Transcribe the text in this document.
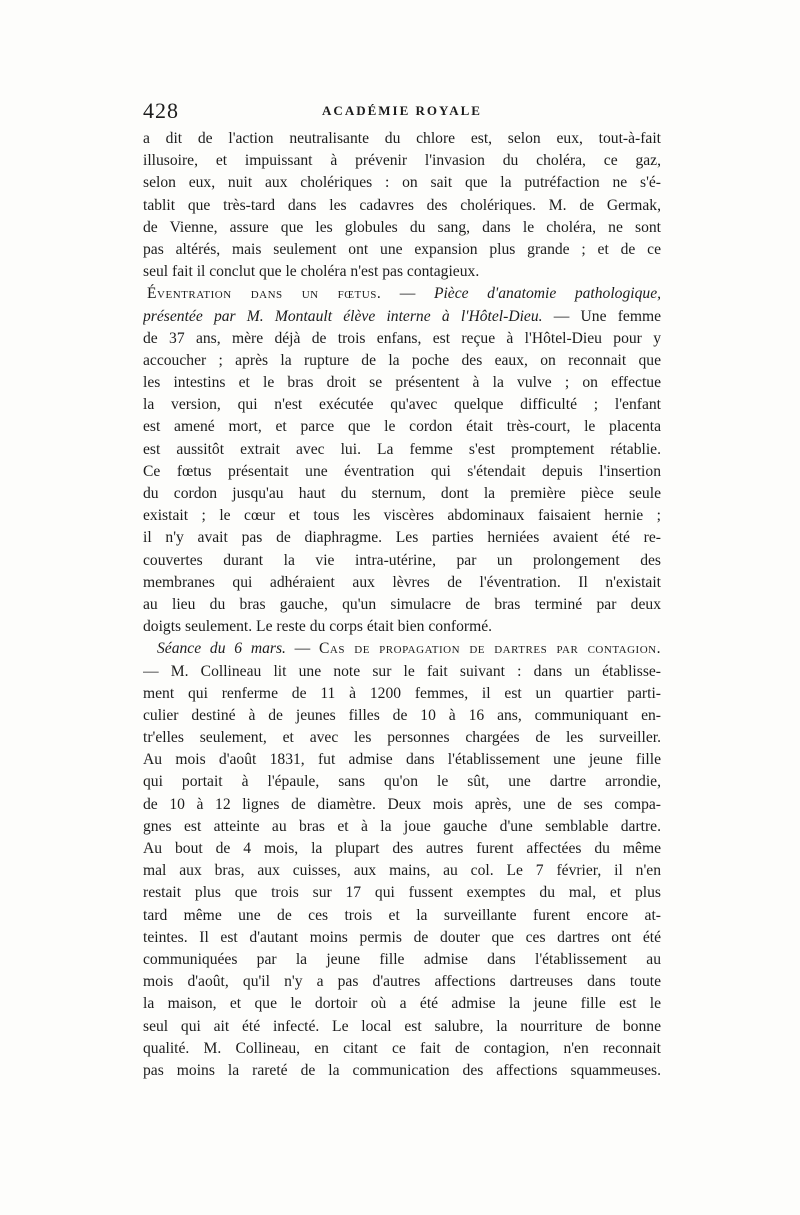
428	ACADÉMIE ROYALE
a dit de l'action neutralisante du chlore est, selon eux, tout-à-fait
illusoire, et impuissant à prévenir l'invasion du choléra, ce gaz,
selon eux, nuit aux cholériques : on sait que la putréfaction ne s'é-
tablit que très-tard dans les cadavres des cholériques. M. de Germak,
de Vienne, assure que les globules du sang, dans le choléra, ne sont
pas altérés, mais seulement ont une expansion plus grande ; et de ce
seul fait il conclut que le choléra n'est pas contagieux.
Éventration dans un fœtus. — Pièce d'anatomie pathologique,
présentée par M. Montault élève interne à l'Hôtel-Dieu. — Une femme
de 37 ans, mère déjà de trois enfans, est reçue à l'Hôtel-Dieu pour y
accoucher ; après la rupture de la poche des eaux, on reconnait que
les intestins et le bras droit se présentent à la vulve ; on effectue
la version, qui n'est exécutée qu'avec quelque difficulté ; l'enfant
est amené mort, et parce que le cordon était très-court, le placenta
est aussitôt extrait avec lui. La femme s'est promptement rétablie.
Ce fœtus présentait une éventration qui s'étendait depuis l'insertion
du cordon jusqu'au haut du sternum, dont la première pièce seule
existait ; le cœur et tous les viscères abdominaux faisaient hernie ;
il n'y avait pas de diaphragme. Les parties herniées avaient été re-
couvertes durant la vie intra-utérine, par un prolongement des
membranes qui adhéraient aux lèvres de l'éventration. Il n'existait
au lieu du bras gauche, qu'un simulacre de bras terminé par deux
doigts seulement. Le reste du corps était bien conformé.
Séance du 6 mars. — Cas de propagation de dartres par contagion.
— M. Collineau lit une note sur le fait suivant : dans un établisse-
ment qui renferme de 11 à 1200 femmes, il est un quartier parti-
culier destiné à de jeunes filles de 10 à 16 ans, communiquant en-
tr'elles seulement, et avec les personnes chargées de les surveiller.
Au mois d'août 1831, fut admise dans l'établissement une jeune fille
qui portait à l'épaule, sans qu'on le sût, une dartre arrondie,
de 10 à 12 lignes de diamètre. Deux mois après, une de ses compa-
gnes est atteinte au bras et à la joue gauche d'une semblable dartre.
Au bout de 4 mois, la plupart des autres furent affectées du même
mal aux bras, aux cuisses, aux mains, au col. Le 7 février, il n'en
restait plus que trois sur 17 qui fussent exemptes du mal, et plus
tard même une de ces trois et la surveillante furent encore at-
teintes. Il est d'autant moins permis de douter que ces dartres ont été
communiquées par la jeune fille admise dans l'établissement au
mois d'août, qu'il n'y a pas d'autres affections dartreuses dans toute
la maison, et que le dortoir où a été admise la jeune fille est le
seul qui ait été infecté. Le local est salubre, la nourriture de bonne
qualité. M. Collineau, en citant ce fait de contagion, n'en reconnait
pas moins la rareté de la communication des affections squammeuses.
